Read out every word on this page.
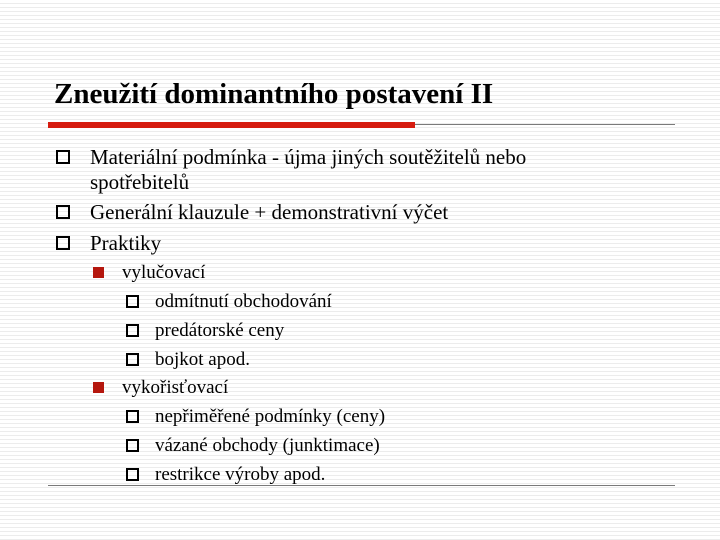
Zneužití dominantního postavení II
Materiální podmínka - újma jiných soutěžitelů nebo
spotřebitelů
Generální klauzule + demonstrativní výčet
Praktiky
vylučovací
odmítnutí obchodování
predátorské ceny
bojkot apod.
vykořisťovací
nepřiměřené podmínky (ceny)
vázané obchody (junktimace)
restrikce výroby apod.
